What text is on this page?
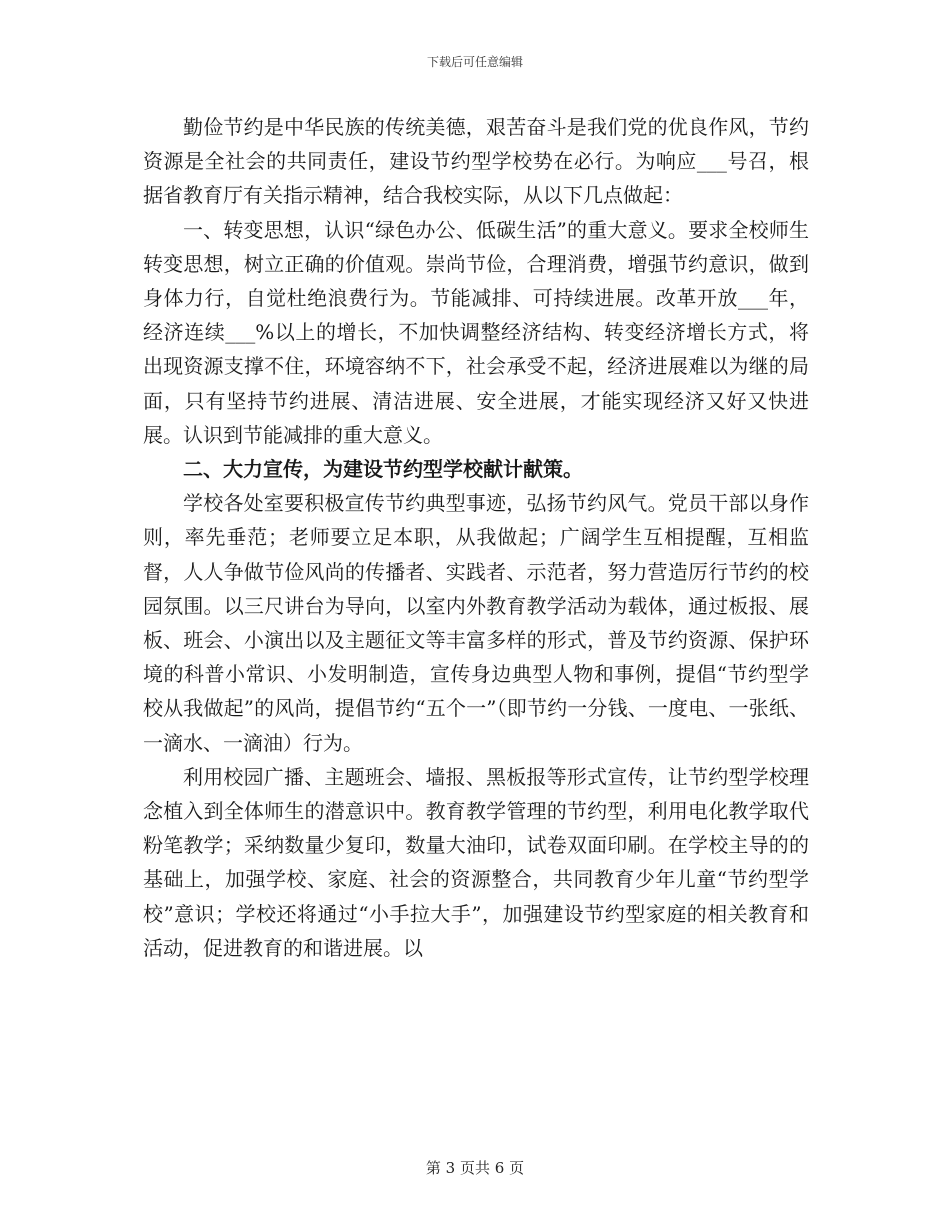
下载后可任意编辑

勤俭节约是中华民族的传统美德，艰苦奋斗是我们党的优良作风，节约资源是全社会的共同责任，建设节约型学校势在必行。为响应___号召，根据省教育厅有关指示精神，结合我校实际，从以下几点做起：

一、转变思想，认识“绿色办公、低碳生活”的重大意义。要求全校师生转变思想，树立正确的价值观。崇尚节俭，合理消费，增强节约意识，做到身体力行，自觉杜绝浪费行为。节能减排、可持续进展。改革开放___年，经济连续___%以上的增长，不加快调整经济结构、转变经济增长方式，将出现资源支撑不住，环境容纳不下，社会承受不起，经济进展难以为继的局面，只有坚持节约进展、清洁进展、安全进展，才能实现经济又好又快进展。认识到节能减排的重大意义。

二、大力宣传，为建设节约型学校献计献策。

学校各处室要积极宣传节约典型事迹，弘扬节约风气。党员干部以身作则，率先垂范；老师要立足本职，从我做起；广阔学生互相提醒，互相监督，人人争做节俭风尚的传播者、实践者、示范者，努力营造厉行节约的校园氛围。以三尺讲台为导向，以室内外教育教学活动为载体，通过板报、展板、班会、小演出以及主题征文等丰富多样的形式，普及节约资源、保护环境的科普小常识、小发明制造，宣传身边典型人物和事例，提倡“节约型学校从我做起”的风尚，提倡节约“五个一”（即节约一分钱、一度电、一张纸、一滴水、一滴油）行为。

利用校园广播、主题班会、墙报、黑板报等形式宣传，让节约型学校理念植入到全体师生的潜意识中。教育教学管理的节约型，利用电化教学取代粉笔教学；采纳数量少复印，数量大油印，试卷双面印刷。在学校主导的的基础上，加强学校、家庭、社会的资源整合，共同教育少年儿童“节约型学校”意识；学校还将通过“小手拉大手”，加强建设节约型家庭的相关教育和活动，促进教育的和谐进展。以

第 3 页共 6 页
